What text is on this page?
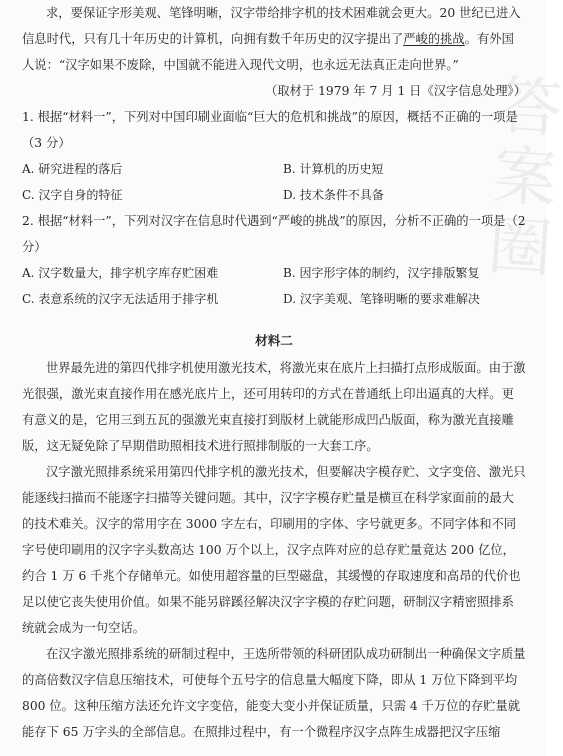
答案圈

求，要保证字形美观、笔锋明晰，汉字带给排字机的技术困难就会更大。20 世纪已进入信息时代，只有几十年历史的计算机，向拥有数千年历史的汉字提出了严峻的挑战。有外国人说：“汉字如果不废除，中国就不能进入现代文明，也永远无法真正走向世界。”

（取材于 1979 年 7 月 1 日《汉字信息处理》）

1. 根据“材料一”，下列对中国印刷业面临“巨大的危机和挑战”的原因，概括不正确的一项是（3 分）

A. 研究进程的落后	B. 计算机的历史短
C. 汉字自身的特征	D. 技术条件不具备

2. 根据“材料一”，下列对汉字在信息时代遇到“严峻的挑战”的原因，分析不正确的一项是（2 分）

A. 汉字数量大，排字机字库存贮困难	B. 因字形字体的制约，汉字排版繁复
C. 表意系统的汉字无法适用于排字机	D. 汉字美观、笔锋明晰的要求难解决
材料二

世界最先进的第四代排字机使用激光技术，将激光束在底片上扫描打点形成版面。由于激光很强，激光束直接作用在感光底片上，还可用转印的方式在普通纸上印出逼真的大样。更有意义的是，它用三到五瓦的强激光束直接打到版材上就能形成凹凸版面，称为激光直接雕版，这无疑免除了早期借助照相技术进行照排制版的一大套工序。

汉字激光照排系统采用第四代排字机的激光技术，但要解决字模存贮、文字变倍、激光只能逐线扫描而不能逐字扫描等关键问题。其中，汉字字模存贮量是横亘在科学家面前的最大的技术难关。汉字的常用字在 3000 字左右，印刷用的字体、字号就更多。不同字体和不同字号使印刷用的汉字字头数高达 100 万个以上，汉字点阵对应的总存贮量竟达 200 亿位，约合 1 万 6 千兆个存储单元。如使用超容量的巨型磁盘，其缓慢的存取速度和高昂的代价也足以使它丧失使用价值。如果不能另辟蹊径解决汉字字模的存贮问题，研制汉字精密照排系统就会成为一句空话。

在汉字激光照排系统的研制过程中，王选所带领的科研团队成功研制出一种确保文字质量的高倍数汉字信息压缩技术，可使每个五号字的信息量大幅度下降，即从 1 万位下降到平均 800 位。这种压缩方法还允许文字变倍，能变大变小并保证质量，只需 4 千万位的存贮量就能存下 65 万字头的全部信息。在照排过程中，有一个微程序汉字点阵生成器把汉字压缩
